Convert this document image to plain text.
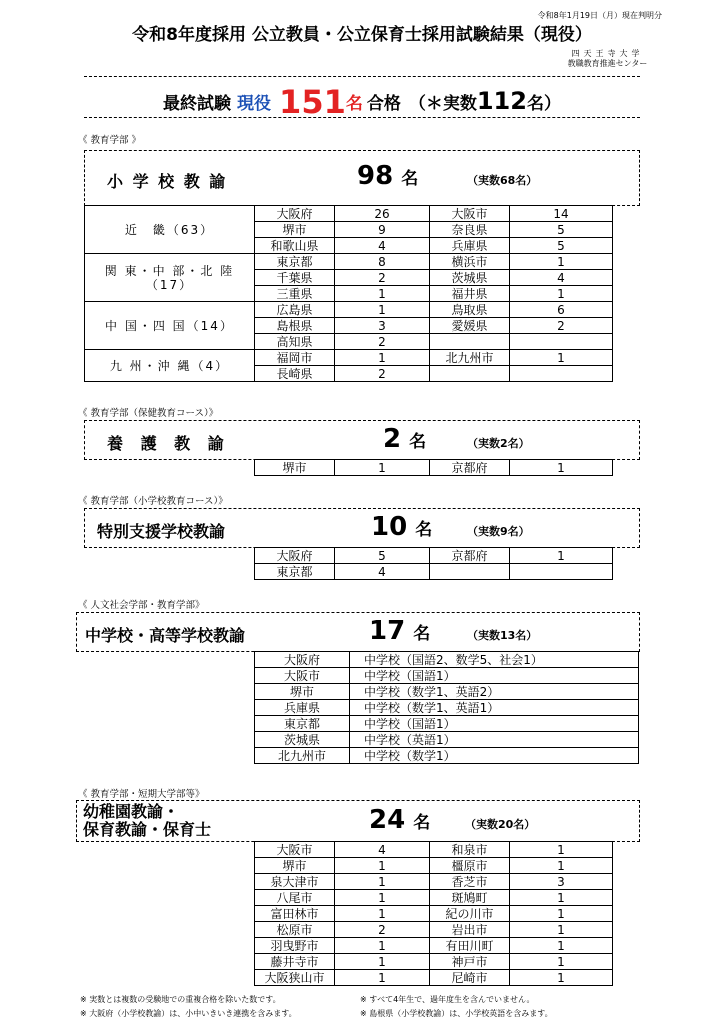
令和8年1月19日（月）現在判明分
令和8年度採用 公立教員・公立保育士採用試験結果（現役）
四天王寺大学
教職教育推進センター
最終試験 現役 151名 合格 （＊実数112名）
《 教育学部 》
小 学 校 教 諭	98 名	（実数68名）
近　畿（63）	大阪府	26	大阪市	14
	堺市	9	奈良県	5
	和歌山県	4	兵庫県	5
関 東・中 部・北 陸（17）	東京都	8	横浜市	1
	千葉県	2	茨城県	4
	三重県	1	福井県	1
中 国・四 国（14）	広島県	1	鳥取県	6
	島根県	3	愛媛県	2
	高知県	2		
九 州・沖 縄（4）	福岡市	1	北九州市	1
	長崎県	2		
《 教育学部（保健教育コース）》
養 護 教 諭	2 名	（実数2名）
堺市	1	京都府	1
《 教育学部（小学校教育コース）》
特別支援学校教諭	10 名	（実数9名）
大阪府	5	京都府	1
東京都	4		
《 人文社会学部・教育学部》
中学校・高等学校教諭	17 名	（実数13名）
大阪府	中学校（国語2、数学5、社会1）
大阪市	中学校（国語1）
堺市	中学校（数学1、英語2）
兵庫県	中学校（数学1、英語1）
東京都	中学校（国語1）
茨城県	中学校（英語1）
北九州市	中学校（数学1）
《 教育学部・短期大学部等》
幼稚園教諭・
保育教諭・保育士	24 名	（実数20名）
大阪市	4	和泉市	1
堺市	1	橿原市	1
泉大津市	1	香芝市	3
八尾市	1	斑鳩町	1
富田林市	1	紀の川市	1
松原市	2	岩出市	1
羽曳野市	1	有田川町	1
藤井寺市	1	神戸市	1
大阪狭山市	1	尼崎市	1
※ 実数とは複数の受験地での重複合格を除いた数です。	※ すべて4年生で、過年度生を含んでいません。
※ 大阪府（小学校教諭）は、小中いきいき連携を含みます。	※ 島根県（小学校教諭）は、小学校英語を含みます。
